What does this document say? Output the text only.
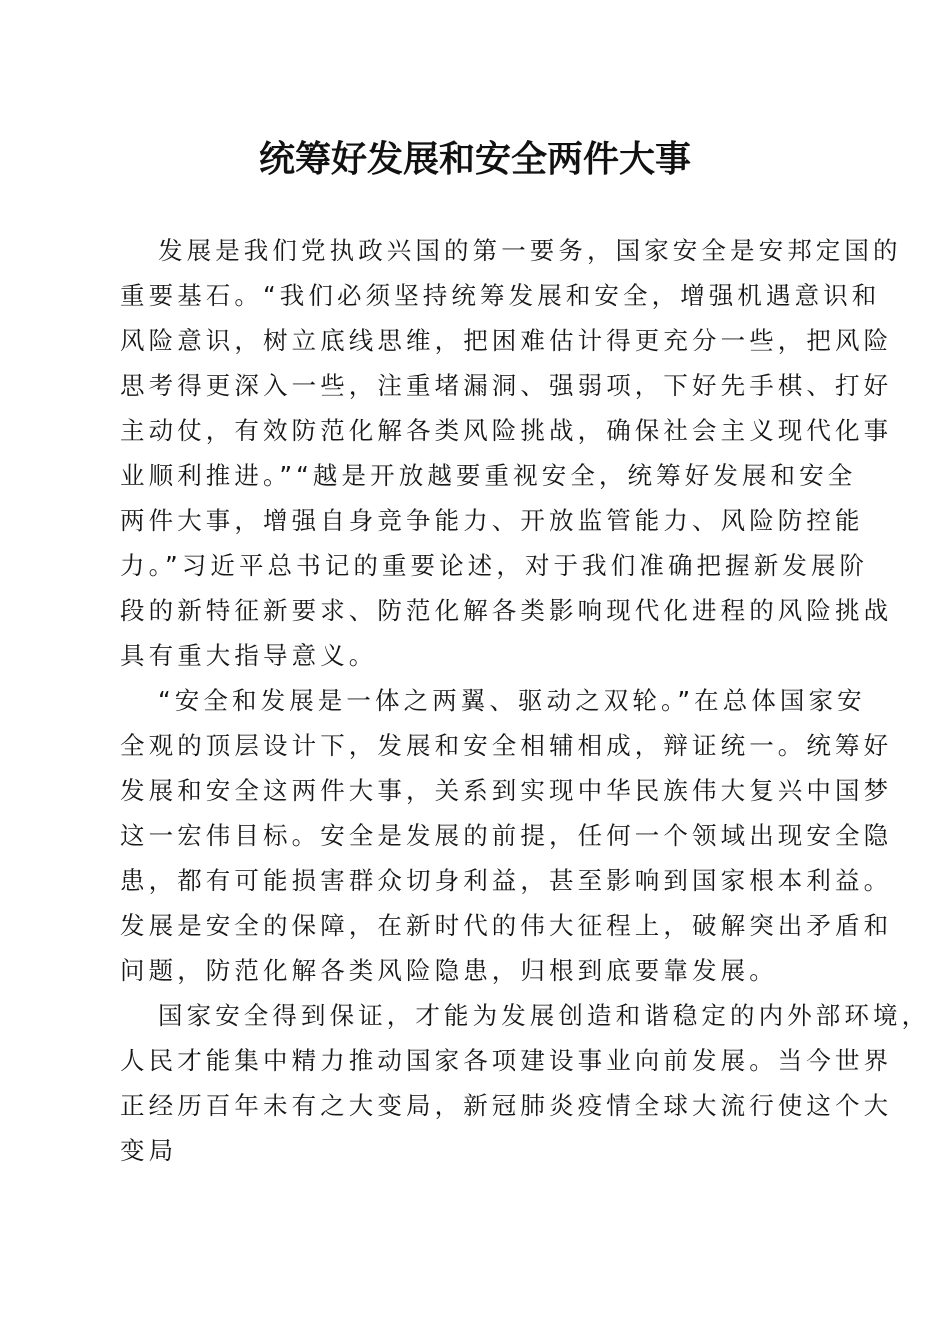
统筹好发展和安全两件大事
发展是我们党执政兴国的第一要务，国家安全是安邦定国的
重要基石。“我们必须坚持统筹发展和安全，增强机遇意识和
风险意识，树立底线思维，把困难估计得更充分一些，把风险
思考得更深入一些，注重堵漏洞、强弱项，下好先手棋、打好
主动仗，有效防范化解各类风险挑战，确保社会主义现代化事
业顺利推进。”“越是开放越要重视安全，统筹好发展和安全
两件大事，增强自身竞争能力、开放监管能力、风险防控能
力。”习近平总书记的重要论述，对于我们准确把握新发展阶
段的新特征新要求、防范化解各类影响现代化进程的风险挑战
具有重大指导意义。
“安全和发展是一体之两翼、驱动之双轮。”在总体国家安
全观的顶层设计下，发展和安全相辅相成，辩证统一。统筹好
发展和安全这两件大事，关系到实现中华民族伟大复兴中国梦
这一宏伟目标。安全是发展的前提，任何一个领域出现安全隐
患，都有可能损害群众切身利益，甚至影响到国家根本利益。
发展是安全的保障，在新时代的伟大征程上，破解突出矛盾和
问题，防范化解各类风险隐患，归根到底要靠发展。
国家安全得到保证，才能为发展创造和谐稳定的内外部环境，
人民才能集中精力推动国家各项建设事业向前发展。当今世界
正经历百年未有之大变局，新冠肺炎疫情全球大流行使这个大
变局
